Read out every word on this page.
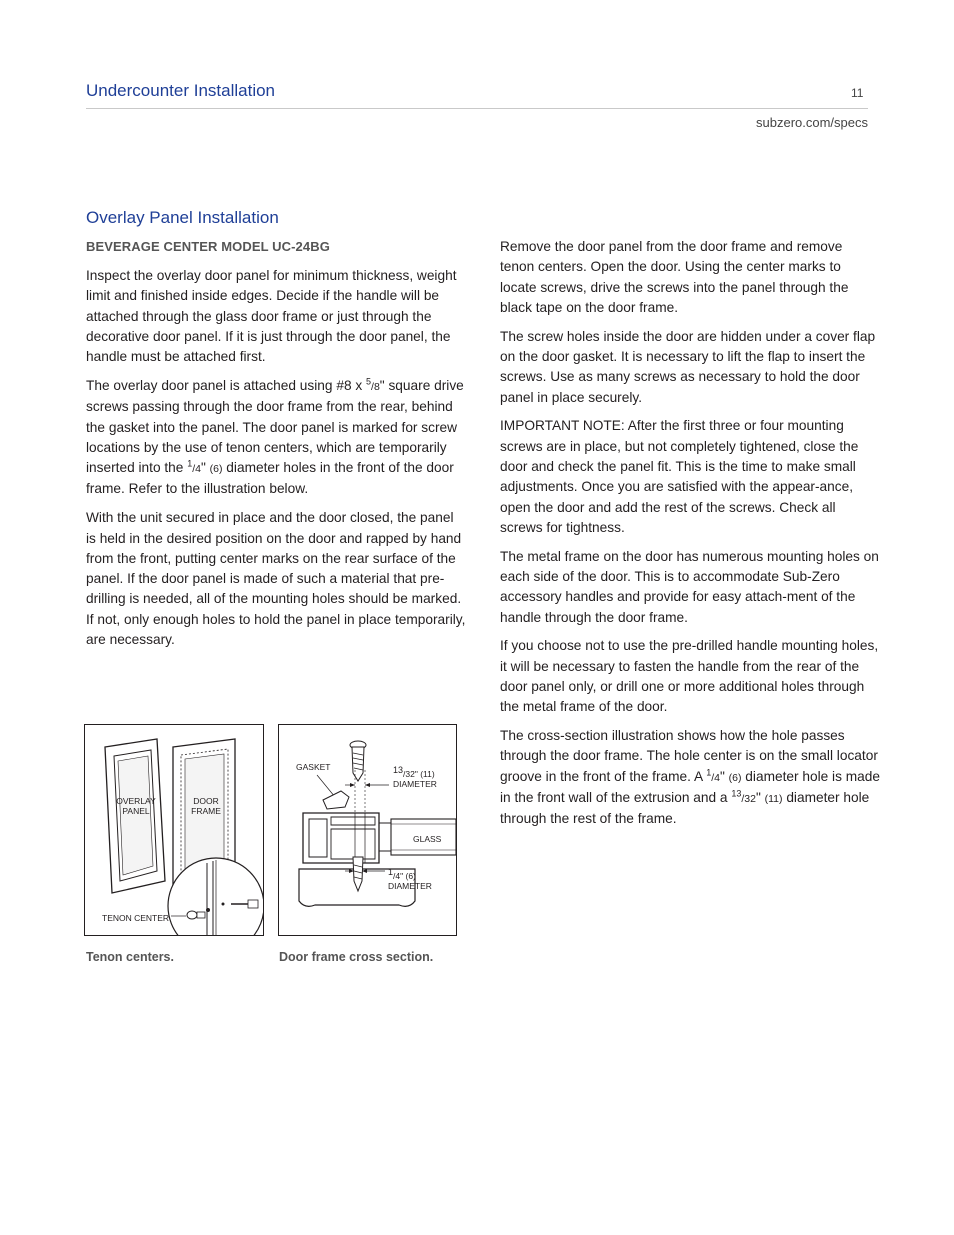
Undercounter Installation	11
subzero.com/specs
Overlay Panel Installation
BEVERAGE CENTER MODEL UC-24BG

Inspect the overlay door panel for minimum thickness, weight limit and finished inside edges. Decide if the handle will be attached through the glass door frame or just through the decorative door panel. If it is just through the door panel, the handle must be attached first.

The overlay door panel is attached using #8 x $^5$/8" square drive screws passing through the door frame from the rear, behind the gasket into the panel. The door panel is marked for screw locations by the use of tenon centers, which are temporarily inserted into the $^1$/4" (6) diameter holes in the front of the door frame. Refer to the illustration below.

With the unit secured in place and the door closed, the panel is held in the desired position on the door and rapped by hand from the front, putting center marks on the rear surface of the panel. If the door panel is made of such a material that pre-drilling is needed, all of the mounting holes should be marked. If not, only enough holes to hold the panel in place temporarily, are necessary.

Remove the door panel from the door frame and remove tenon centers. Open the door. Using the center marks to locate screws, drive the screws into the panel through the black tape on the door frame.

The screw holes inside the door are hidden under a cover flap on the door gasket. It is necessary to lift the flap to insert the screws. Use as many screws as necessary to hold the door panel in place securely.

IMPORTANT NOTE: After the first three or four mounting screws are in place, but not completely tightened, close the door and check the panel fit. This is the time to make small adjustments. Once you are satisfied with the appear-ance, open the door and add the rest of the screws. Check all screws for tightness.

The metal frame on the door has numerous mounting holes on each side of the door. This is to accommodate Sub-Zero accessory handles and provide for easy attach-ment of the handle through the door frame.

If you choose not to use the pre-drilled handle mounting holes, it will be necessary to fasten the handle from the rear of the door panel only, or drill one or more additional holes through the metal frame of the door.

The cross-section illustration shows how the hole passes through the door frame. The hole center is on the small locator groove in the front of the frame. A $^1$/4" (6) diameter hole is made in the front wall of the extrusion and a $^{13}$/32" (11) diameter hole through the rest of the frame.

OVERLAY
PANEL
DOOR
FRAME
TENON CENTER
Tenon centers.
GASKET	$^{13}$/32" (11)
DIAMETER
GLASS
$^1$/4" (6)
DIAMETER
Door frame cross section.
